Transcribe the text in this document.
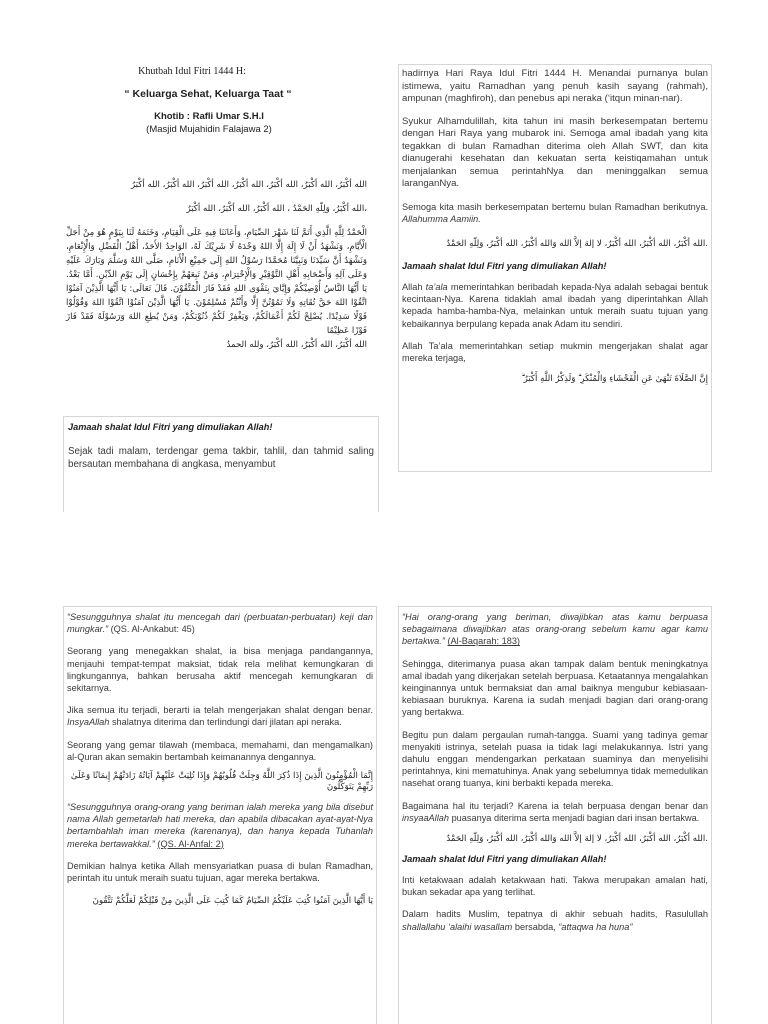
Khutbah Idul Fitri 1444 H:
“ Keluarga Sehat, Keluarga Taat “
Khotib : Rafli Umar S.H.I
(Masjid Mujahidin Falajawa 2)

الله أكْبَرُ، الله أكْبَرُ، الله أكْبَرُ، الله أكْبَرُ، الله أكْبَرُ، الله أكْبَرُ، الله أكْبَرُ

،الله أكْبَرُ، وَلِلّهِ الحَمْدُ ، الله أكْبَرُ، الله أكْبَرُ، الله أكْبَرُ

الْحَمْدُ لِلَّهِ الَّذِي أَتَمَّ لَنَا شَهْرَ الصِّيَامِ، وَأَعَانَنَا فِيهِ عَلَى الْقِيَامِ، وَخَتَمَهُ لَنَا بِيَوْمٍ هُوَ مِنْ أَجَلِّ الْأَيَّامِ، وَنَشْهَدُ أَنْ لَا إِلَهَ إِلَّا اللهُ وَحْدَهُ لَا شَرِيْكَ لَهُ، الوَاحِدُ الأَحَدُ، أَهْلُ الْفَضْلِ وَالْإِنْعَامِ، وَنَشْهَدُ أَنَّ سَيِّدَنَا وَنَبِيَّنَا مُحَمَّدًا رَسُوْلُ اللهِ إِلَى جَمِيْعِ الْأَنَامِ، صَلَّى اللهُ وَسَلَّمَ وَبَارَكَ عَلَيْهِ وَعَلَى آلِهِ وَأَصْحَابِهِ أَهْلِ التَّوْقِيْرِ وَالْإِحْتِرَامِ، وَمَنْ تَبِعَهُمْ بِإِحْسَانٍ إِلَى يَوْمِ الدِّيْنِ. أَمَّا بَعْدُ. يَا أَيُّهَا النَّاسُ أُوْصِيْكُمْ وَإِيَّايَ بِتَقْوَى اللهِ فَقَدْ فَازَ الْمُتَّقُوْنَ. قَالَ تَعَالَى: يَا أَيُّهَا الَّذِيْنَ آمَنُوْا اتَّقُوْا اللهَ حَقَّ تُقَاتِهِ وَلَا تَمُوْتُنَّ إِلَّا وَأَنْتُمْ مُسْلِمُوْنَ. يَا أَيُّهَا الَّذِيْنَ آمَنُوْا اتَّقُوْا اللهَ وَقُوْلُوْا قَوْلًا سَدِيْدًا. يُصْلِحْ لَكُمْ أَعْمَالَكُمْ، وَيَغْفِرْ لَكُمْ ذُنُوْبَكُمْ، وَمَنْ يُطِعِ اللهَ وَرَسُوْلَهُ فَقَدْ فَازَ فَوْزًا عَظِيْمًا

الله أكْبَرُ، الله أكْبَرُ، الله أكْبَرُ، ولله الحمدُ

Jamaah shalat Idul Fitri yang dimuliakan Allah!

Sejak tadi malam, terdengar gema takbir, tahlil, dan tahmid saling bersautan membahana di angkasa, menyambut

hadirnya Hari Raya Idul Fitri 1444 H. Menandai purnanya bulan istimewa, yaitu Ramadhan yang penuh kasih sayang (rahmah), ampunan (maghfiroh), dan penebus api neraka (‘itqun minan-nar).

Syukur Alhamdulillah, kita tahun ini masih berkesempatan bertemu dengan Hari Raya yang mubarok ini. Semoga amal ibadah yang kita tegakkan di bulan Ramadhan diterima oleh Allah SWT, dan kita dianugerahi kesehatan dan kekuatan serta keistiqamahan untuk menjalankan semua perintahNya dan meninggalkan semua laranganNya.

Semoga kita masih berkesempatan bertemu bulan Ramadhan berikutnya. Allahumma Aamiin.

.الله أكْبَرُ، الله أكْبَرُ، الله أكْبَرُ، لا إلهَ إلاَّ الله وَالله أكْبَرُ، الله أكْبَرُ، وَلِلّهِ الحَمْدُ

Jamaah shalat Idul Fitri yang dimuliakan Allah!

Allah ta’ala memerintahkan beribadah kepada-Nya adalah sebagai bentuk kecintaan-Nya. Karena tidaklah amal ibadah yang diperintahkan Allah kepada hamba-hamba-Nya, melainkan untuk meraih suatu tujuan yang kebaikannya berpulang kepada anak Adam itu sendiri.

Allah Ta’ala memerintahkan setiap mukmin mengerjakan shalat agar mereka terjaga,

إِنَّ الصَّلَاةَ تَنْهَىٰ عَنِ الْفَحْشَاءِ وَالْمُنْكَرِ ۗ وَلَذِكْرُ اللَّهِ أَكْبَرُ ۗ

“Sesungguhnya shalat itu mencegah dari (perbuatan-perbuatan) keji dan mungkar.” (QS. Al-Ankabut: 45)

Seorang yang menegakkan shalat, ia bisa menjaga pandangannya, menjauhi tempat-tempat maksiat, tidak rela melihat kemungkaran di lingkungannya, bahkan berusaha aktif mencegah kemungkaran di sekitarnya.

Jika semua itu terjadi, berarti ia telah mengerjakan shalat dengan benar. InsyaAllah shalatnya diterima dan terlindungi dari jilatan api neraka.

Seorang yang gemar tilawah (membaca, memahami, dan mengamalkan) al-Quran akan semakin bertambah keimanannya dengannya.

إِنَّمَا الْمُؤْمِنُونَ الَّذِينَ إِذَا ذُكِرَ اللَّهُ وَجِلَتْ قُلُوبُهُمْ وَإِذَا تُلِيَتْ عَلَيْهِمْ آيَاتُهُ زَادَتْهُمْ إِيمَانًا وَعَلَىٰ رَبِّهِمْ يَتَوَكَّلُونَ

“Sesungguhnya orang-orang yang beriman ialah mereka yang bila disebut nama Allah gemetarlah hati mereka, dan apabila dibacakan ayat-ayat-Nya bertambahlah iman mereka (karenanya), dan hanya kepada Tuhanlah mereka bertawakkal.” (QS. Al-Anfal: 2)

Demikian halnya ketika Allah mensyariatkan puasa di bulan Ramadhan, perintah itu untuk meraih suatu tujuan, agar mereka bertakwa.

يَا أَيُّهَا الَّذِينَ آمَنُوا كُتِبَ عَلَيْكُمُ الصِّيَامُ كَمَا كُتِبَ عَلَى الَّذِينَ مِنْ قَبْلِكُمْ لَعَلَّكُمْ تَتَّقُونَ

“Hai orang-orang yang beriman, diwajibkan atas kamu berpuasa sebagaimana diwajibkan atas orang-orang sebelum kamu agar kamu bertakwa.” (Al-Baqarah: 183)

Sehingga, diterimanya puasa akan tampak dalam bentuk meningkatnya amal ibadah yang dikerjakan setelah berpuasa. Ketaatannya mengalahkan keinginannya untuk bermaksiat dan amal baiknya mengubur kebiasaan-kebiasaan buruknya. Karena ia sudah menjadi bagian dari orang-orang yang bertakwa.

Begitu pun dalam pergaulan rumah-tangga. Suami yang tadinya gemar menyakiti istrinya, setelah puasa ia tidak lagi melakukannya. Istri yang dahulu enggan mendengarkan perkataan suaminya dan menyelisihi perintahnya, kini mematuhinya. Anak yang sebelumnya tidak memedulikan nasehat orang tuanya, kini berbakti kepada mereka.

Bagaimana hal itu terjadi? Karena ia telah berpuasa dengan benar dan insyaaAllah puasanya diterima serta menjadi bagian dari insan bertakwa.

.الله أكْبَرُ، الله أكْبَرُ، الله أكْبَرُ، لا إلهَ إلاَّ الله وَالله أكْبَرُ، الله أكْبَرُ، وَلِلّهِ الحَمْدُ

Jamaah shalat Idul Fitri yang dimuliakan Allah!

Inti ketakwaan adalah ketakwaan hati. Takwa merupakan amalan hati, bukan sekadar apa yang terlihat.

Dalam hadits Muslim, tepatnya di akhir sebuah hadits, Rasulullah shallallahu ‘alaihi wasallam bersabda, “attaqwa ha huna”
